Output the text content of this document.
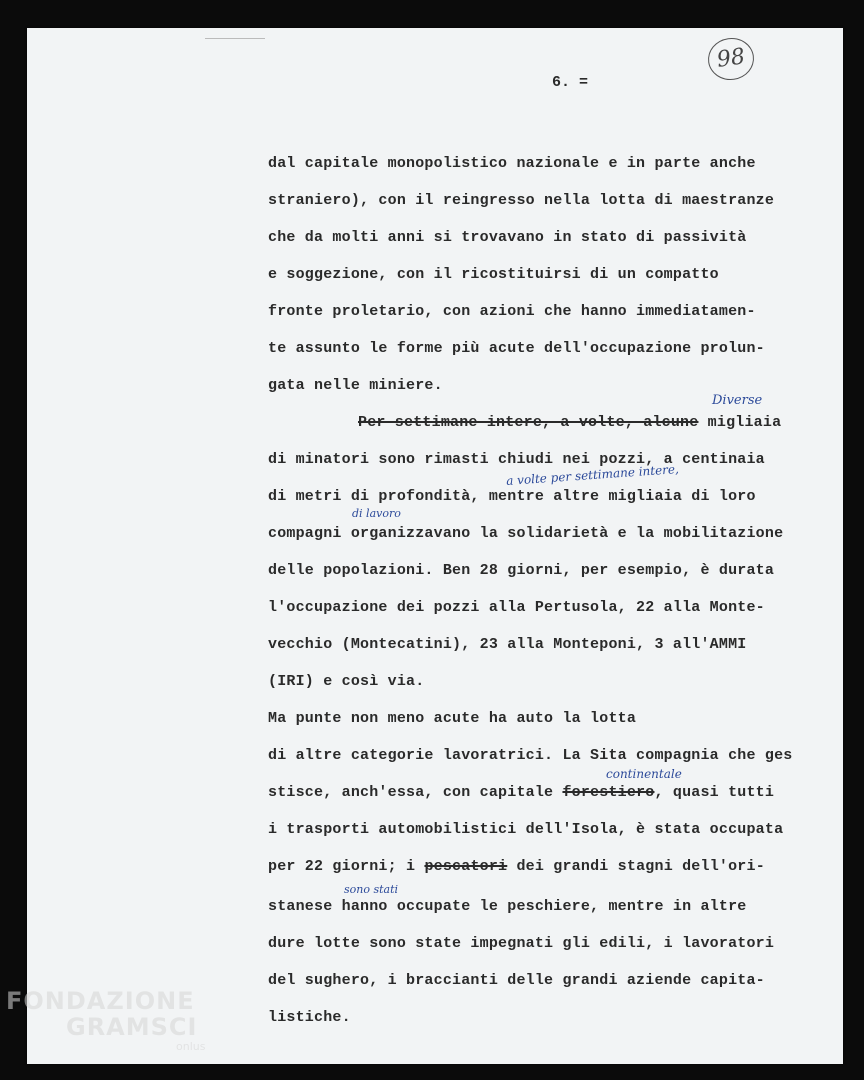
98
6. =
dal capitale monopolistico nazionale e in parte anche
straniero), con il reingresso nella lotta di maestranze
che da molti anni si trovavano in stato di passività
e soggezione, con il ricostituirsi di un compatto
fronte proletario, con azioni che hanno immediatamen-
te assunto le forme più acute dell'occupazione prolun-
gata nelle miniere.
Diverse
Per settimane intere, a volte, alcune migliaia
di minatori sono rimasti chiudi nei pozzi, a centinaia
a volte per settimane intere,
di metri di profondità, mentre altre migliaia di loro
di lavoro
compagni organizzavano la solidarietà e la mobilitazione
delle popolazioni. Ben 28 giorni, per esempio, è durata
l'occupazione dei pozzi alla Pertusola, 22 alla Monte-
vecchio (Montecatini), 23 alla Monteponi, 3 all'AMMI
(IRI) e così via.
Ma punte non meno acute ha auto la lotta
di altre categorie lavoratrici. La Sita compagnia che ges
continentale
stisce, anch'essa, con capitale forestiero, quasi tutti
i trasporti automobilistici dell'Isola, è stata occupata
per 22 giorni; i pescatori dei grandi stagni dell'ori-
sono stati
stanese hanno occupate le peschiere, mentre in altre
dure lotte sono state impegnati gli edili, i lavoratori
del sughero, i braccianti delle grandi aziende capita-
listiche.
FONDAZIONE
GRAMSCI
onlus
